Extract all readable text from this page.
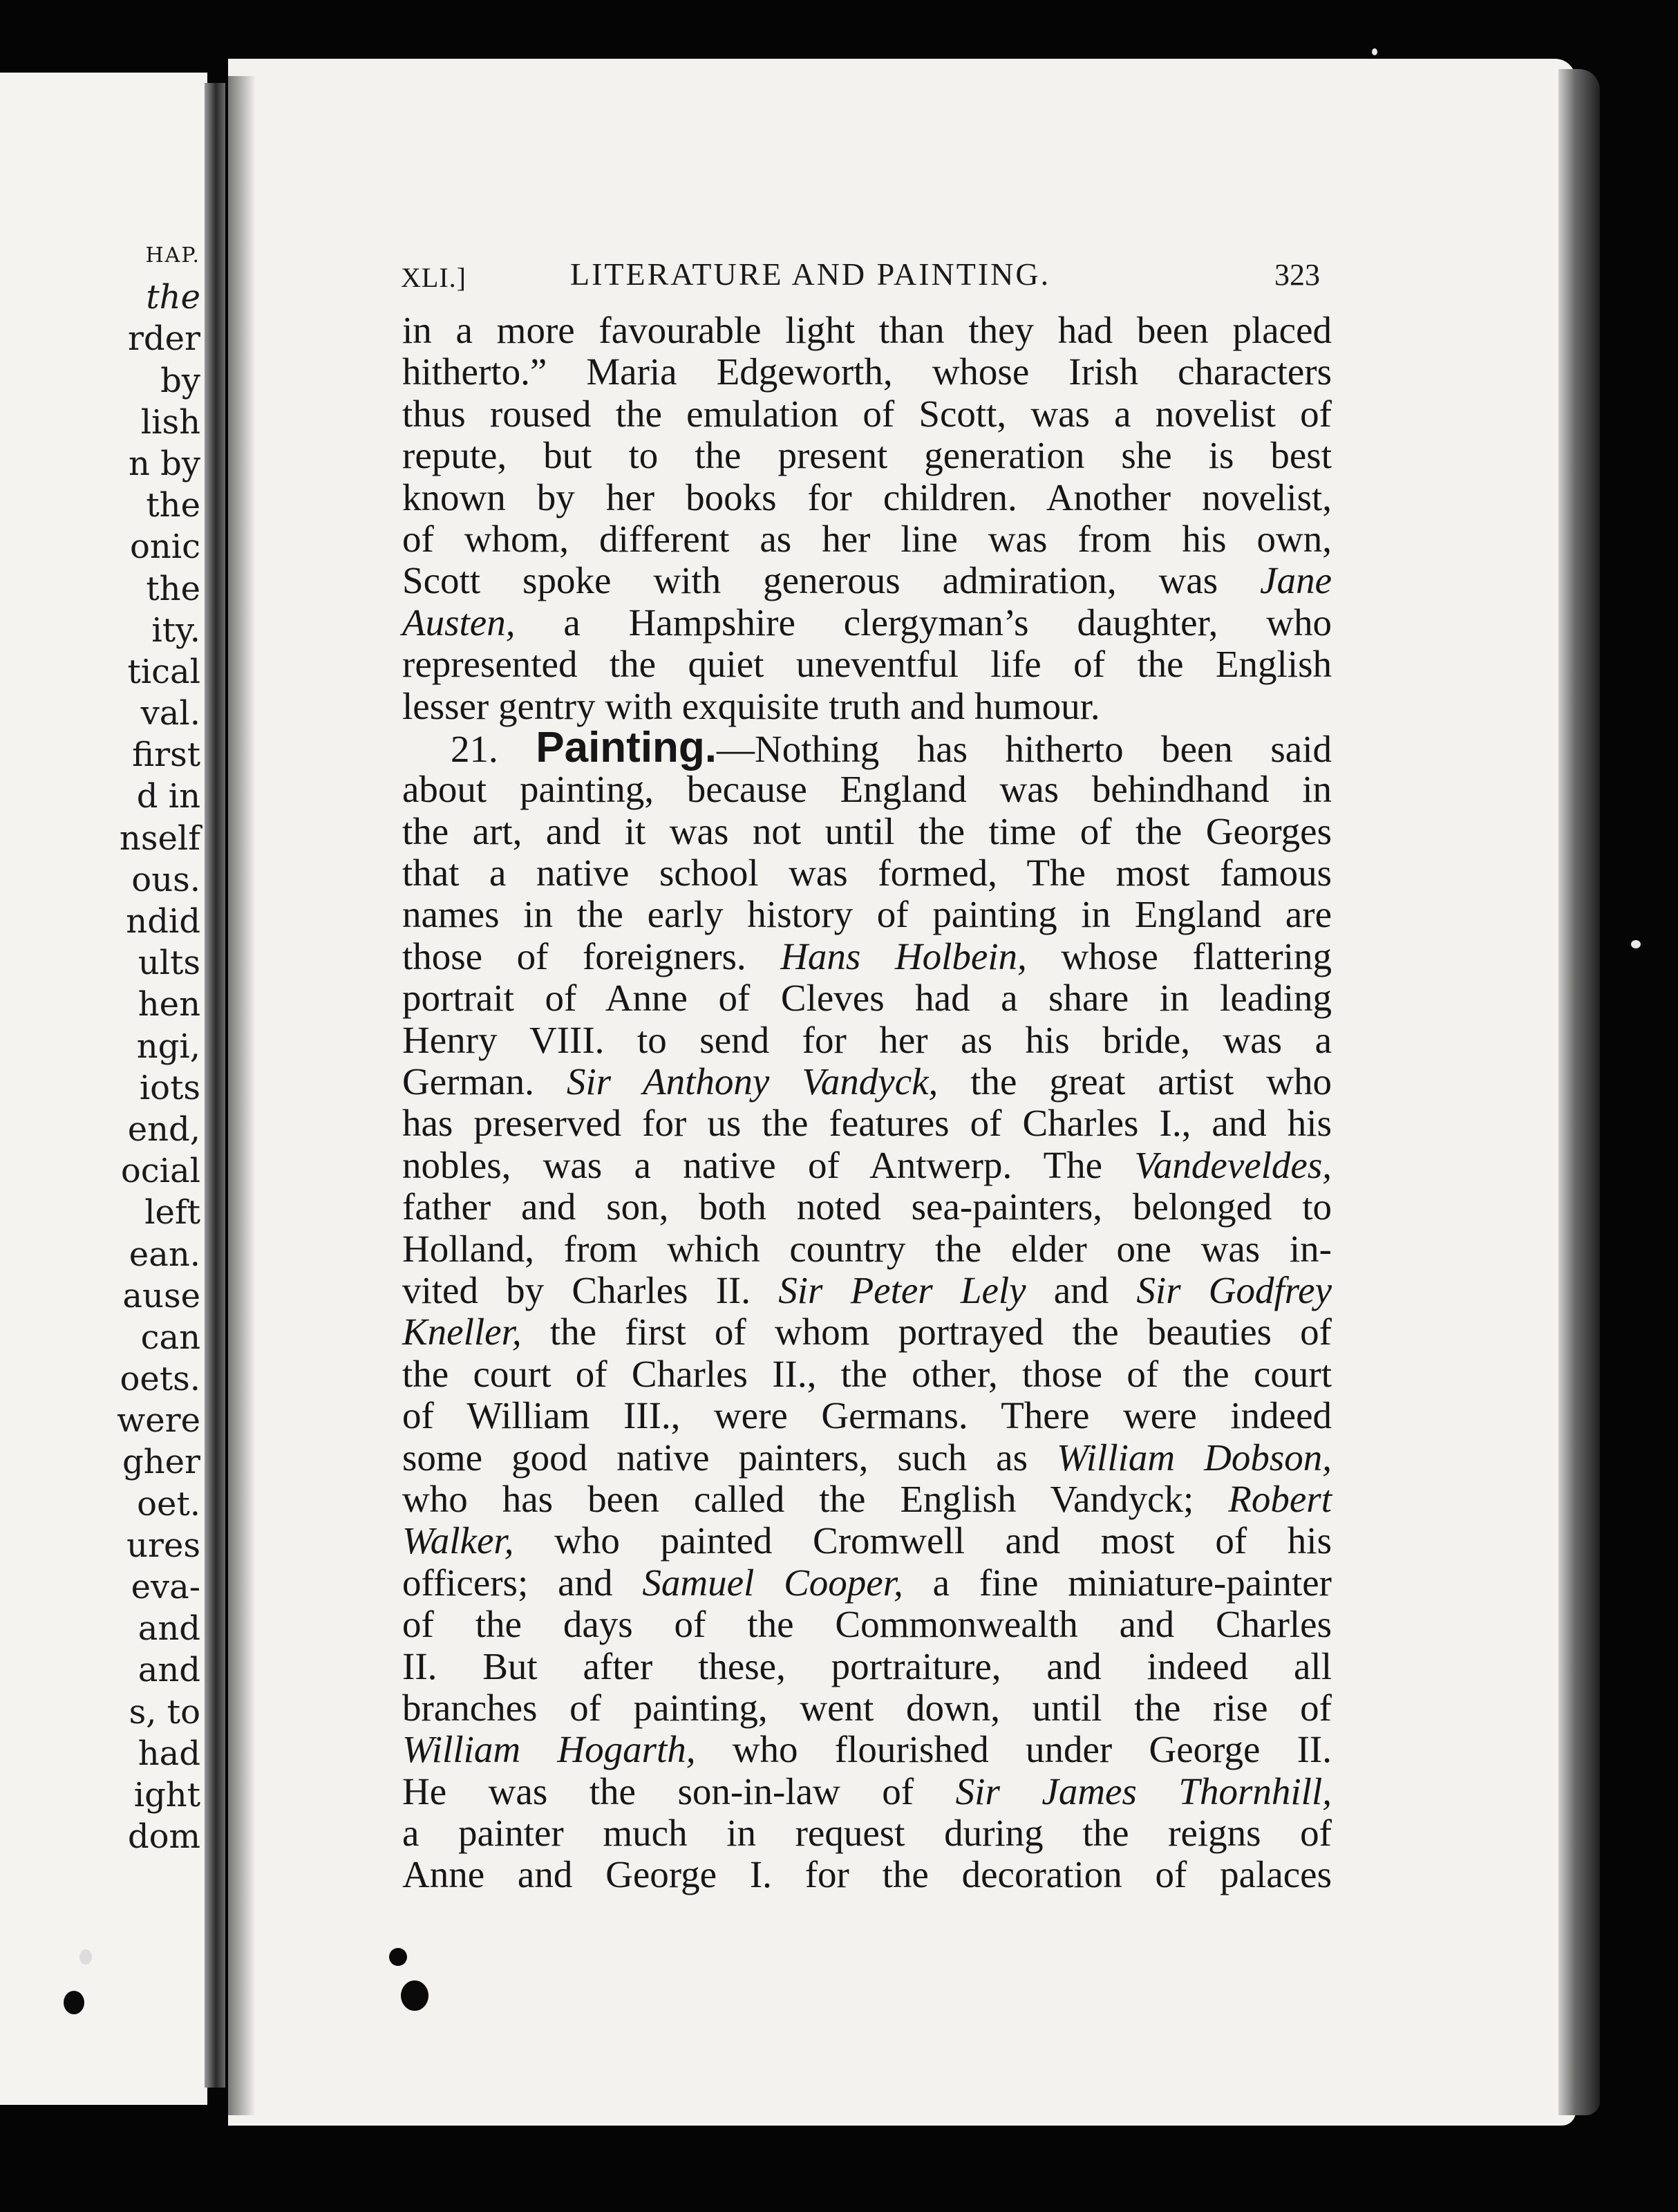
HAP.
the
rder
by
lish
n by
the
onic
the
ity.
tical
val.
first
d in
nself
ous.
ndid
ults
hen
ngi,
iots
end,
ocial
left
ean.
ause
can
oets.
were
gher
oet.
ures
eva-
and
and
s, to
had
ight
dom
XLI.]	LITERATURE AND PAINTING.	323
in a more favourable light than they had been placed
hitherto.” Maria Edgeworth, whose Irish characters
thus roused the emulation of Scott, was a novelist of
repute, but to the present generation she is best
known by her books for children. Another novelist,
of whom, different as her line was from his own,
Scott spoke with generous admiration, was Jane
Austen, a Hampshire clergyman’s daughter, who
represented the quiet uneventful life of the English
lesser gentry with exquisite truth and humour.
21. Painting.—Nothing has hitherto been said
about painting, because England was behindhand in
the art, and it was not until the time of the Georges
that a native school was formed, The most famous
names in the early history of painting in England are
those of foreigners. Hans Holbein, whose flattering
portrait of Anne of Cleves had a share in leading
Henry VIII. to send for her as his bride, was a
German. Sir Anthony Vandyck, the great artist who
has preserved for us the features of Charles I., and his
nobles, was a native of Antwerp. The Vandeveldes,
father and son, both noted sea-painters, belonged to
Holland, from which country the elder one was in-
vited by Charles II. Sir Peter Lely and Sir Godfrey
Kneller, the first of whom portrayed the beauties of
the court of Charles II., the other, those of the court
of William III., were Germans. There were indeed
some good native painters, such as William Dobson,
who has been called the English Vandyck; Robert
Walker, who painted Cromwell and most of his
officers; and Samuel Cooper, a fine miniature-painter
of the days of the Commonwealth and Charles
II. But after these, portraiture, and indeed all
branches of painting, went down, until the rise of
William Hogarth, who flourished under George II.
He was the son-in-law of Sir James Thornhill,
a painter much in request during the reigns of
Anne and George I. for the decoration of palaces
